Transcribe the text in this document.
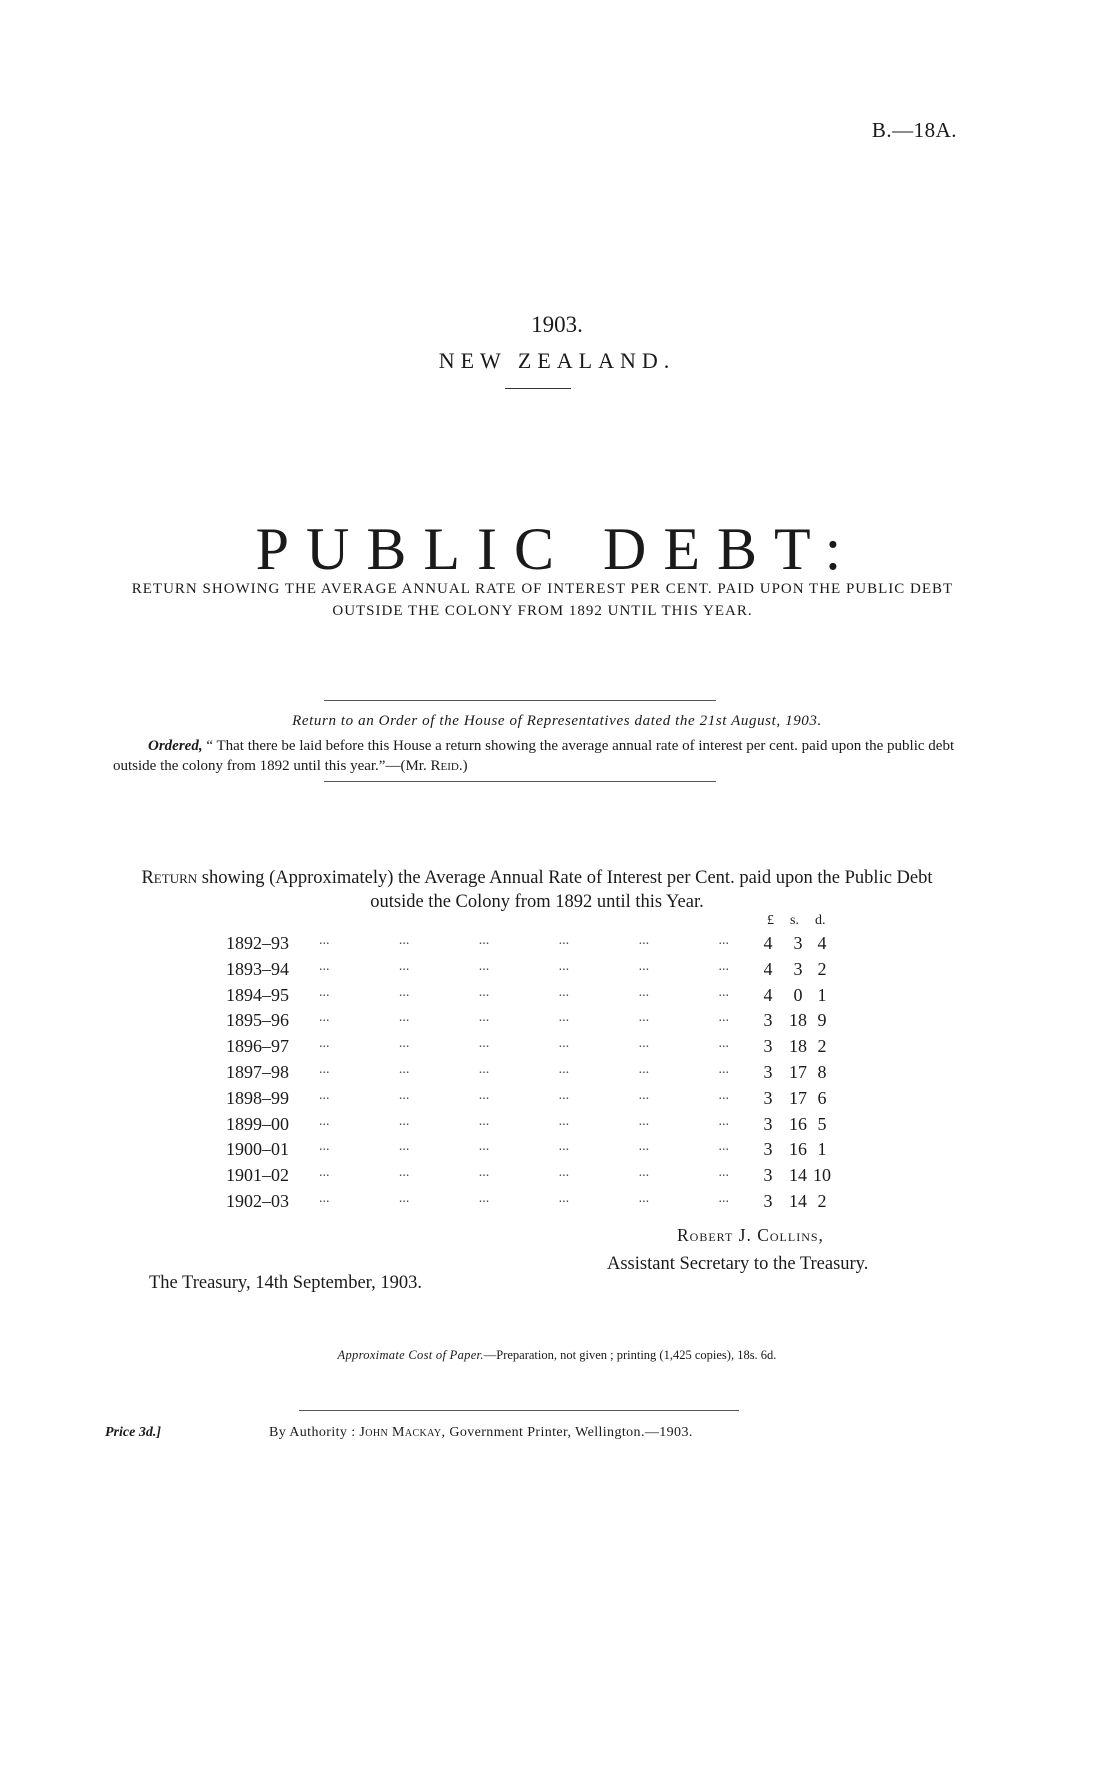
B.—18A.
1903.
NEW ZEALAND.
PUBLIC DEBT:
RETURN SHOWING THE AVERAGE ANNUAL RATE OF INTEREST PER CENT. PAID UPON THE PUBLIC DEBT OUTSIDE THE COLONY FROM 1892 UNTIL THIS YEAR.
Return to an Order of the House of Representatives dated the 21st August, 1903.
Ordered, “ That there be laid before this House a return showing the average annual rate of interest per cent. paid upon the public debt outside the colony from 1892 until this year.”—(Mr. Reid.)
Return showing (Approximately) the Average Annual Rate of Interest per Cent. paid upon the Public Debt outside the Colony from 1892 until this Year.
£ s. d.
1892–93 ...	...	...	...	...	...	4	3 4
1893–94 ...	...	...	...	...	...	4	3 2
1894–95 ...	...	...	...	...	...	4	0 1
1895–96 ...	...	...	...	...	...	3 18 9
1896–97 ...	...	...	...	...	...	3 18 2
1897–98 ...	...	...	...	...	...	3 17 8
1898–99 ...	...	...	...	...	...	3 17 6
1899–00 ...	...	...	...	...	...	3 16 5
1900–01 ...	...	...	...	...	...	3 16 1
1901–02 ...	...	...	...	...	...	3 14 10
1902–03 ...	...	...	...	...	...	3 14 2
Robert J. Collins,
Assistant Secretary to the Treasury.
The Treasury, 14th September, 1903.
Approximate Cost of Paper.—Preparation, not given ; printing (1,425 copies), 18s. 6d.
Price 3d.]	By Authority : John Mackay, Government Printer, Wellington.—1903.
